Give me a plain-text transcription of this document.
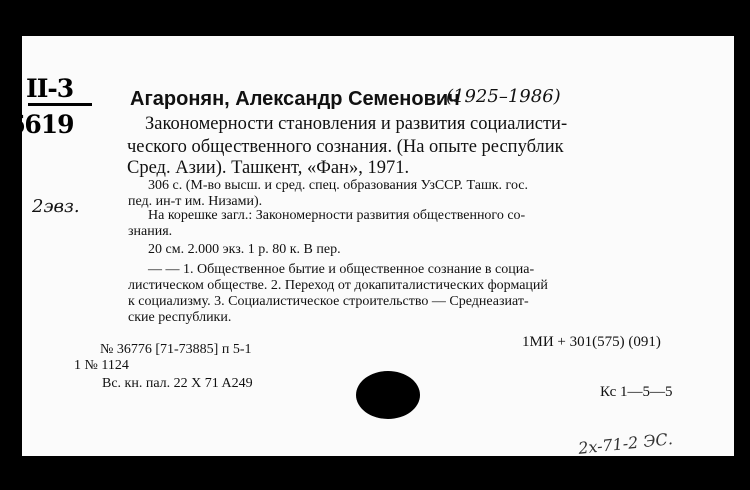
II-3
6619
2эвз.
Агаронян, Александр Семенович
(1925–1986)
Закономерности становления и развития социалисти-
ческого общественного сознания. (На опыте республик
Сред. Азии). Ташкент, «Фан», 1971.
306 с. (М-во высш. и сред. спец. образования УзССР. Ташк. гос.
пед. ин-т им. Низами).
На корешке загл.: Закономерности развития общественного со-
знания.
20 см. 2.000 экз. 1 р. 80 к. В пер.
— — 1. Общественное бытие и общественное сознание в социа-
листическом обществе. 2. Переход от докапиталистических формаций
к социализму. 3. Социалистическое строительство — Среднеазиат-
ские республики.
1МИ + 301(575) (091)
№ 36776 [71-73885] п 5-1
1 № 1124
Вс. кн. пал. 22 X 71 A249
Кс 1—5—5
2x-71-2 ЭС.
